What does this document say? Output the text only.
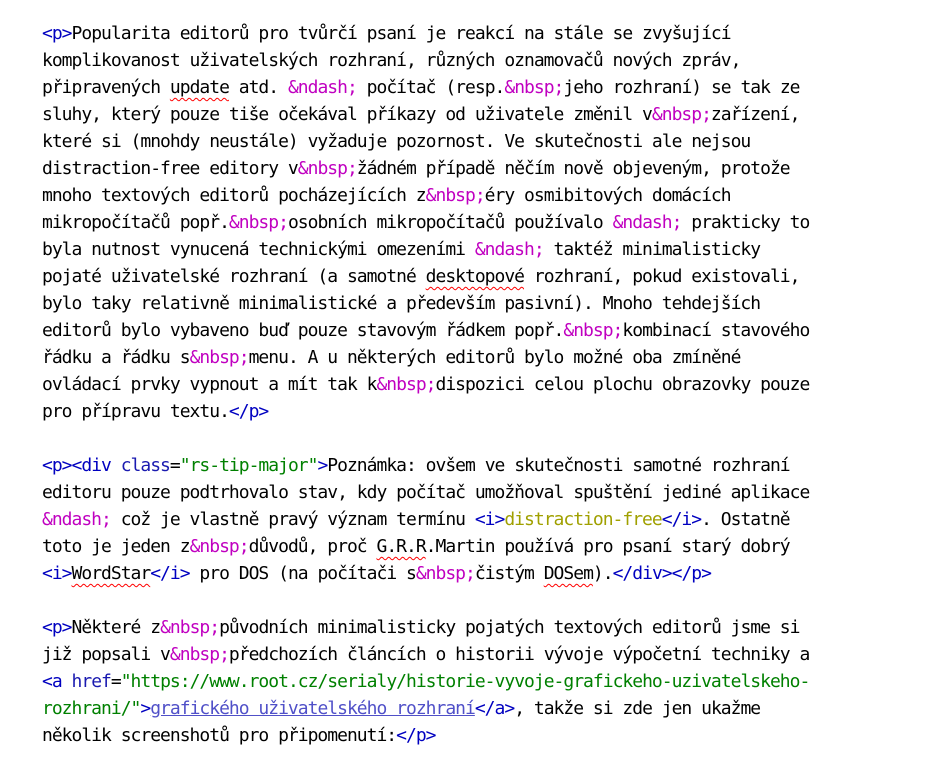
<p>Popularita editorů pro tvůrčí psaní je reakcí na stále se zvyšující
komplikovanost uživatelských rozhraní, různých oznamovačů nových zpráv,
připravených update atd. &ndash; počítač (resp.&nbsp;jeho rozhraní) se tak ze
sluhy, který pouze tiše očekával příkazy od uživatele změnil v&nbsp;zařízení,
které si (mnohdy neustále) vyžaduje pozornost. Ve skutečnosti ale nejsou
distraction-free editory v&nbsp;žádném případě něčím nově objeveným, protože
mnoho textových editorů pocházejících z&nbsp;éry osmibitových domácích
mikropočítačů popř.&nbsp;osobních mikropočítačů používalo &ndash; prakticky to
byla nutnost vynucená technickými omezeními &ndash; taktéž minimalisticky
pojaté uživatelské rozhraní (a samotné desktopové rozhraní, pokud existovali,
bylo taky relativně minimalistické a především pasivní). Mnoho tehdejších
editorů bylo vybaveno buď pouze stavovým řádkem popř.&nbsp;kombinací stavového
řádku a řádku s&nbsp;menu. A u některých editorů bylo možné oba zmíněné
ovládací prvky vypnout a mít tak k&nbsp;dispozici celou plochu obrazovky pouze
pro přípravu textu.</p>
<p><div class="rs-tip-major">Poznámka: ovšem ve skutečnosti samotné rozhraní
editoru pouze podtrhovalo stav, kdy počítač umožňoval spuštění jediné aplikace
&ndash; což je vlastně pravý význam termínu <i>distraction-free</i>. Ostatně
toto je jeden z&nbsp;důvodů, proč G.R.R.Martin používá pro psaní starý dobrý
<i>WordStar</i> pro DOS (na počítači s&nbsp;čistým DOSem).</div></p>
<p>Některé z&nbsp;původních minimalisticky pojatých textových editorů jsme si
již popsali v&nbsp;předchozích článcích o historii vývoje výpočetní techniky a
<a href="https://www.root.cz/serialy/historie-vyvoje-grafickeho-uzivatelskeho-
rozhrani/">grafického uživatelského rozhraní</a>, takže si zde jen ukažme
několik screenshotů pro připomenutí:</p>
